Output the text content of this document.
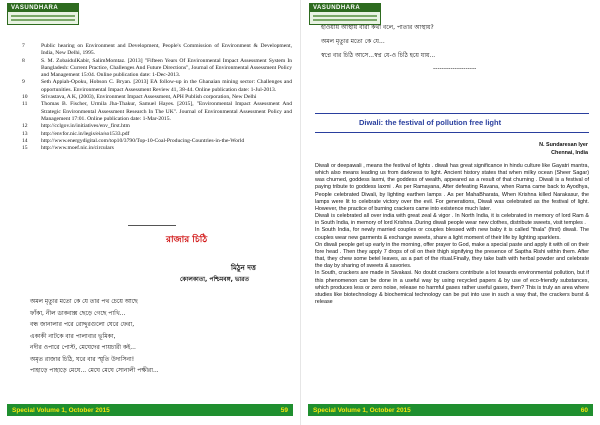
VASUNDHARA
7	Public hearing on Environment and Development, People's Commission of Environment & Development, India, New Delhi, 1995.
8	S. M. ZobaidulKabir, SalimMomtaz. [2013] "Fifteen Years Of Environmental Impact Assessment System In Bangladesh: Current Practice, Challenges And Future Directions", Journal of Environmental Assessment Policy and Management 15:04. Online publication date: 1-Dec-2013.
9	Seth Appiah-Opoku, Hobson C. Bryan. [2013] EA follow-up in the Ghanaian mining sector: Challenges and opportunities. Environmental Impact Assessment Review 41, 38-44. Online publication date: 1-Jul-2013.
10	Srivastava, A K, (2003), Environment Impact Assessment, APH Publish corporation, New Delhi
11	Thomas B. Fischer, Urmila Jha-Thakur, Samuel Hayes. [2015], "Environmental Impact Assessment And Strategic Environmental Assessment Research In The UK". Journal of Environmental Assessment Policy and Management 17:01. Online publication date: 1-Mar-2015.
12	http://cclgov.in/initiatives/env_first.htm
13	http://envfor.nic.in/legis/eia/so1533.pdf
14	http://www.energydigital.com/top10/3790/Top-10-Coal-Producing-Countries-in-the-World
15	http://www.moef.nic.in/circulars
রাজার চিঠি
মিঠুন দত্ত
কোলকাতা, পশ্চিমবঙ্গ, ভারত
অমল মৃত্যুর মতো কে যে তার পথ চেয়ে আছে
ফাঁকা, নীল ডাকবাক্স ছেড়ে গেছে পাখি...
বন্ধ জানালার পরে রোদ্দুরগুলো ঘেরে ফেরা,
একাকী নাটকে বার পালাবার ভূমিকা,
নদীর ওপারে পোস্ট, মেঘেদের পায়চারী কই...
অমৃত রাজার চিঠি, ঘরে বার স্মৃতি উদাসিনা!
পাহাড়ে পাহাড়ে মেঘে... মেঘে মেঘে সোনালী পক্ষীরা...
Special Volume 1, October 2015	59
VASUNDHARA
হাওয়ায় আস্থায় বারা কথা বলে, পাতার আস্থায়?
অমল মৃত্যুর মতো কে যে...
স্বপ্নে বার চিঠি আসে...স্বপ্ন যে-ও চিঠি হয়ে যায়...
--------------------
Diwali: the festival of pollution free light
N. Sundaresan Iyer
Chennai, India

Diwali or deepawali , means the festival of lights . diwali has great significance in hindu culture like Gayatri mantra, which also means leading us from darkness to light. Ancient history states that when milky ocean (Sheer Sagar) was churned, goddess laxmi, the goddess of wealth, appeared as a result of that churning . Diwali is a festival of paying tribute to goddess laxmi . As per Ramayana, After defeating Ravana, when Rama came back to Ayodhya, People celebrated Diwali, by lighting earthen lamps . As per MahaBharata, When Krishna killed Narakasur, the lamps were lit to celebrate victory over the evil. For generations, Diwali was celebrated as the festival of light. However, the practice of burning crackers came into existence much later.

Diwali is celebrated all over india with great zeal & vigor . In North India, it is celebrated in memory of lord Ram & in South India, in memory of lord Krishna .During diwali people wear new clothes, distribute sweets, visit temples .

In South India, for newly married couples or couples blessed with new baby it is called "thala" (first) diwali. The couples wear new garments & exchange sweets, share a light moment of their life by lighting sparklers.

On diwali people get up early in the morning, offer prayer to God, make a special paste and apply it with oil on their fore head . Then they apply 7 drops of oil on their thigh signifying the presence of Saptha Rishi within them. After that, they chew some betel leaves, as a part of the ritual.Finally, they take bath with herbal powder and celebrate the day by sharing of sweets & savories.

In South, crackers are made in Sivakasi. No doubt crackers contribute a lot towards environmental pollution, but if this phenomenon can be done in a useful way by using recycled papers & by use of eco-friendly substances, which produces less or zero noise, release no harmful gases rather useful gases, then? This is truly an area where studies like biotechnology & biochemical technology can be put into use in such a way that, the crackers burst & release

Special Volume 1, October 2015	60
